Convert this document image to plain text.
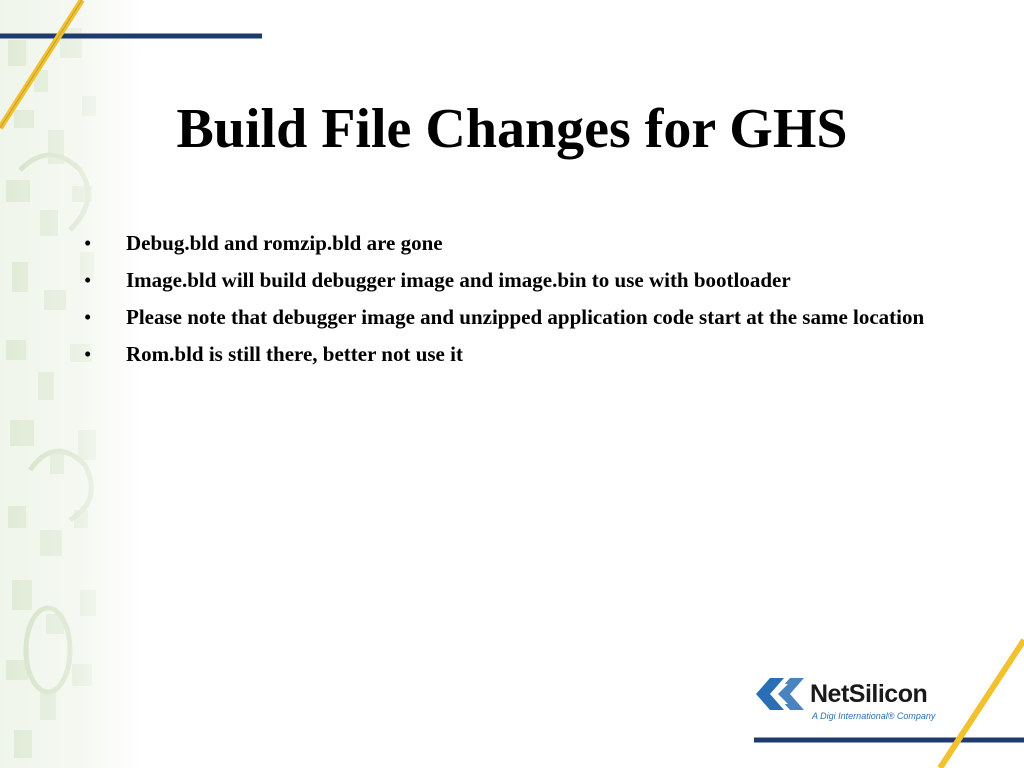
Build File Changes for GHS
• Debug.bld and romzip.bld are gone
• Image.bld will build debugger image and image.bin to use with bootloader
• Please note that debugger image and unzipped application code start at the same location
• Rom.bld is still there, better not use it
NetSilicon
A Digi International® Company
